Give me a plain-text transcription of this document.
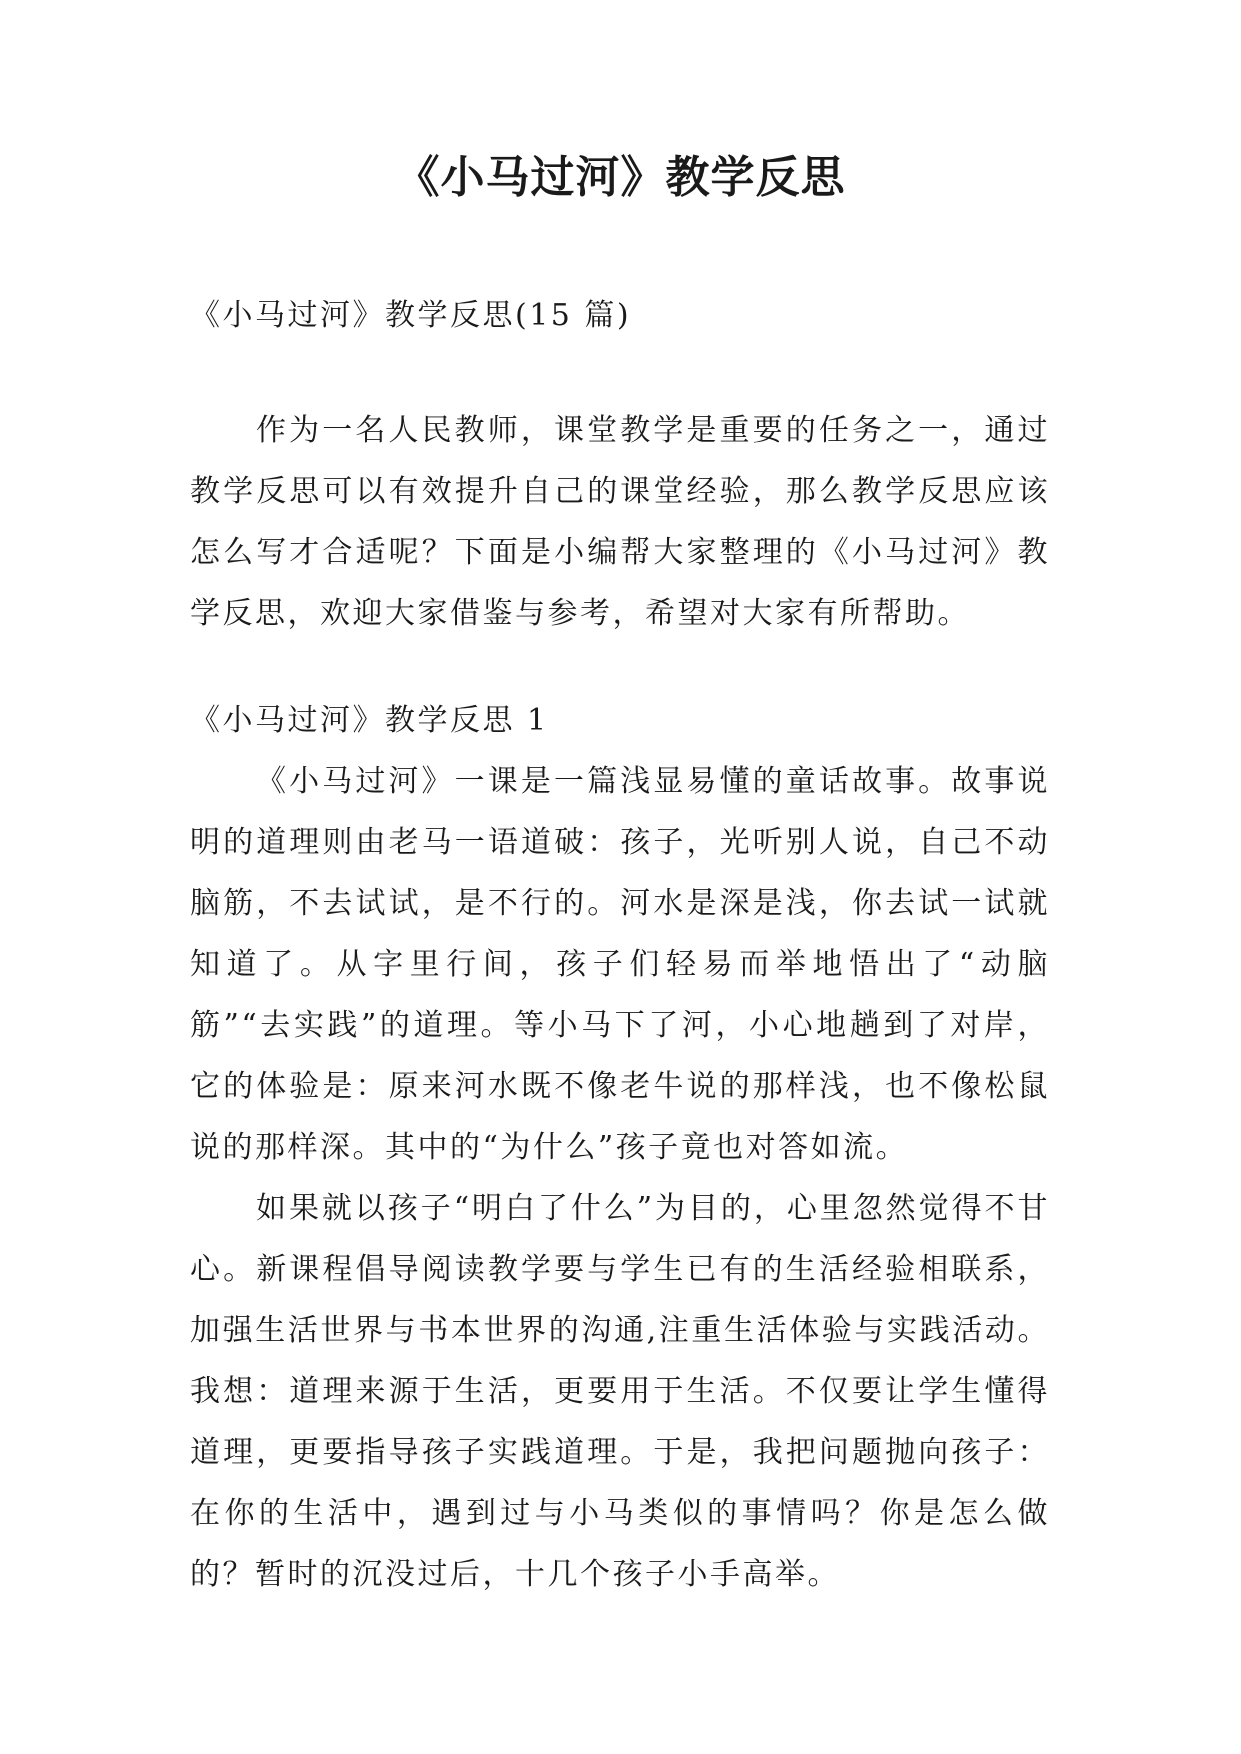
《小马过河》教学反思
《小马过河》教学反思(15 篇)

作为一名人民教师，课堂教学是重要的任务之一，通过教学反思可以有效提升自己的课堂经验，那么教学反思应该怎么写才合适呢？下面是小编帮大家整理的《小马过河》教学反思，欢迎大家借鉴与参考，希望对大家有所帮助。

《小马过河》教学反思 1

《小马过河》一课是一篇浅显易懂的童话故事。故事说明的道理则由老马一语道破：孩子，光听别人说，自己不动脑筋，不去试试，是不行的。河水是深是浅，你去试一试就知道了。从字里行间，孩子们轻易而举地悟出了“动脑筋”“去实践”的道理。等小马下了河，小心地趟到了对岸，它的体验是：原来河水既不像老牛说的那样浅，也不像松鼠说的那样深。其中的“为什么”孩子竟也对答如流。

如果就以孩子“明白了什么”为目的，心里忽然觉得不甘心。新课程倡导阅读教学要与学生已有的生活经验相联系，加强生活世界与书本世界的沟通,注重生活体验与实践活动。我想：道理来源于生活，更要用于生活。不仅要让学生懂得道理，更要指导孩子实践道理。于是，我把问题抛向孩子：在你的生活中，遇到过与小马类似的事情吗？你是怎么做的？暂时的沉没过后，十几个孩子小手高举。
